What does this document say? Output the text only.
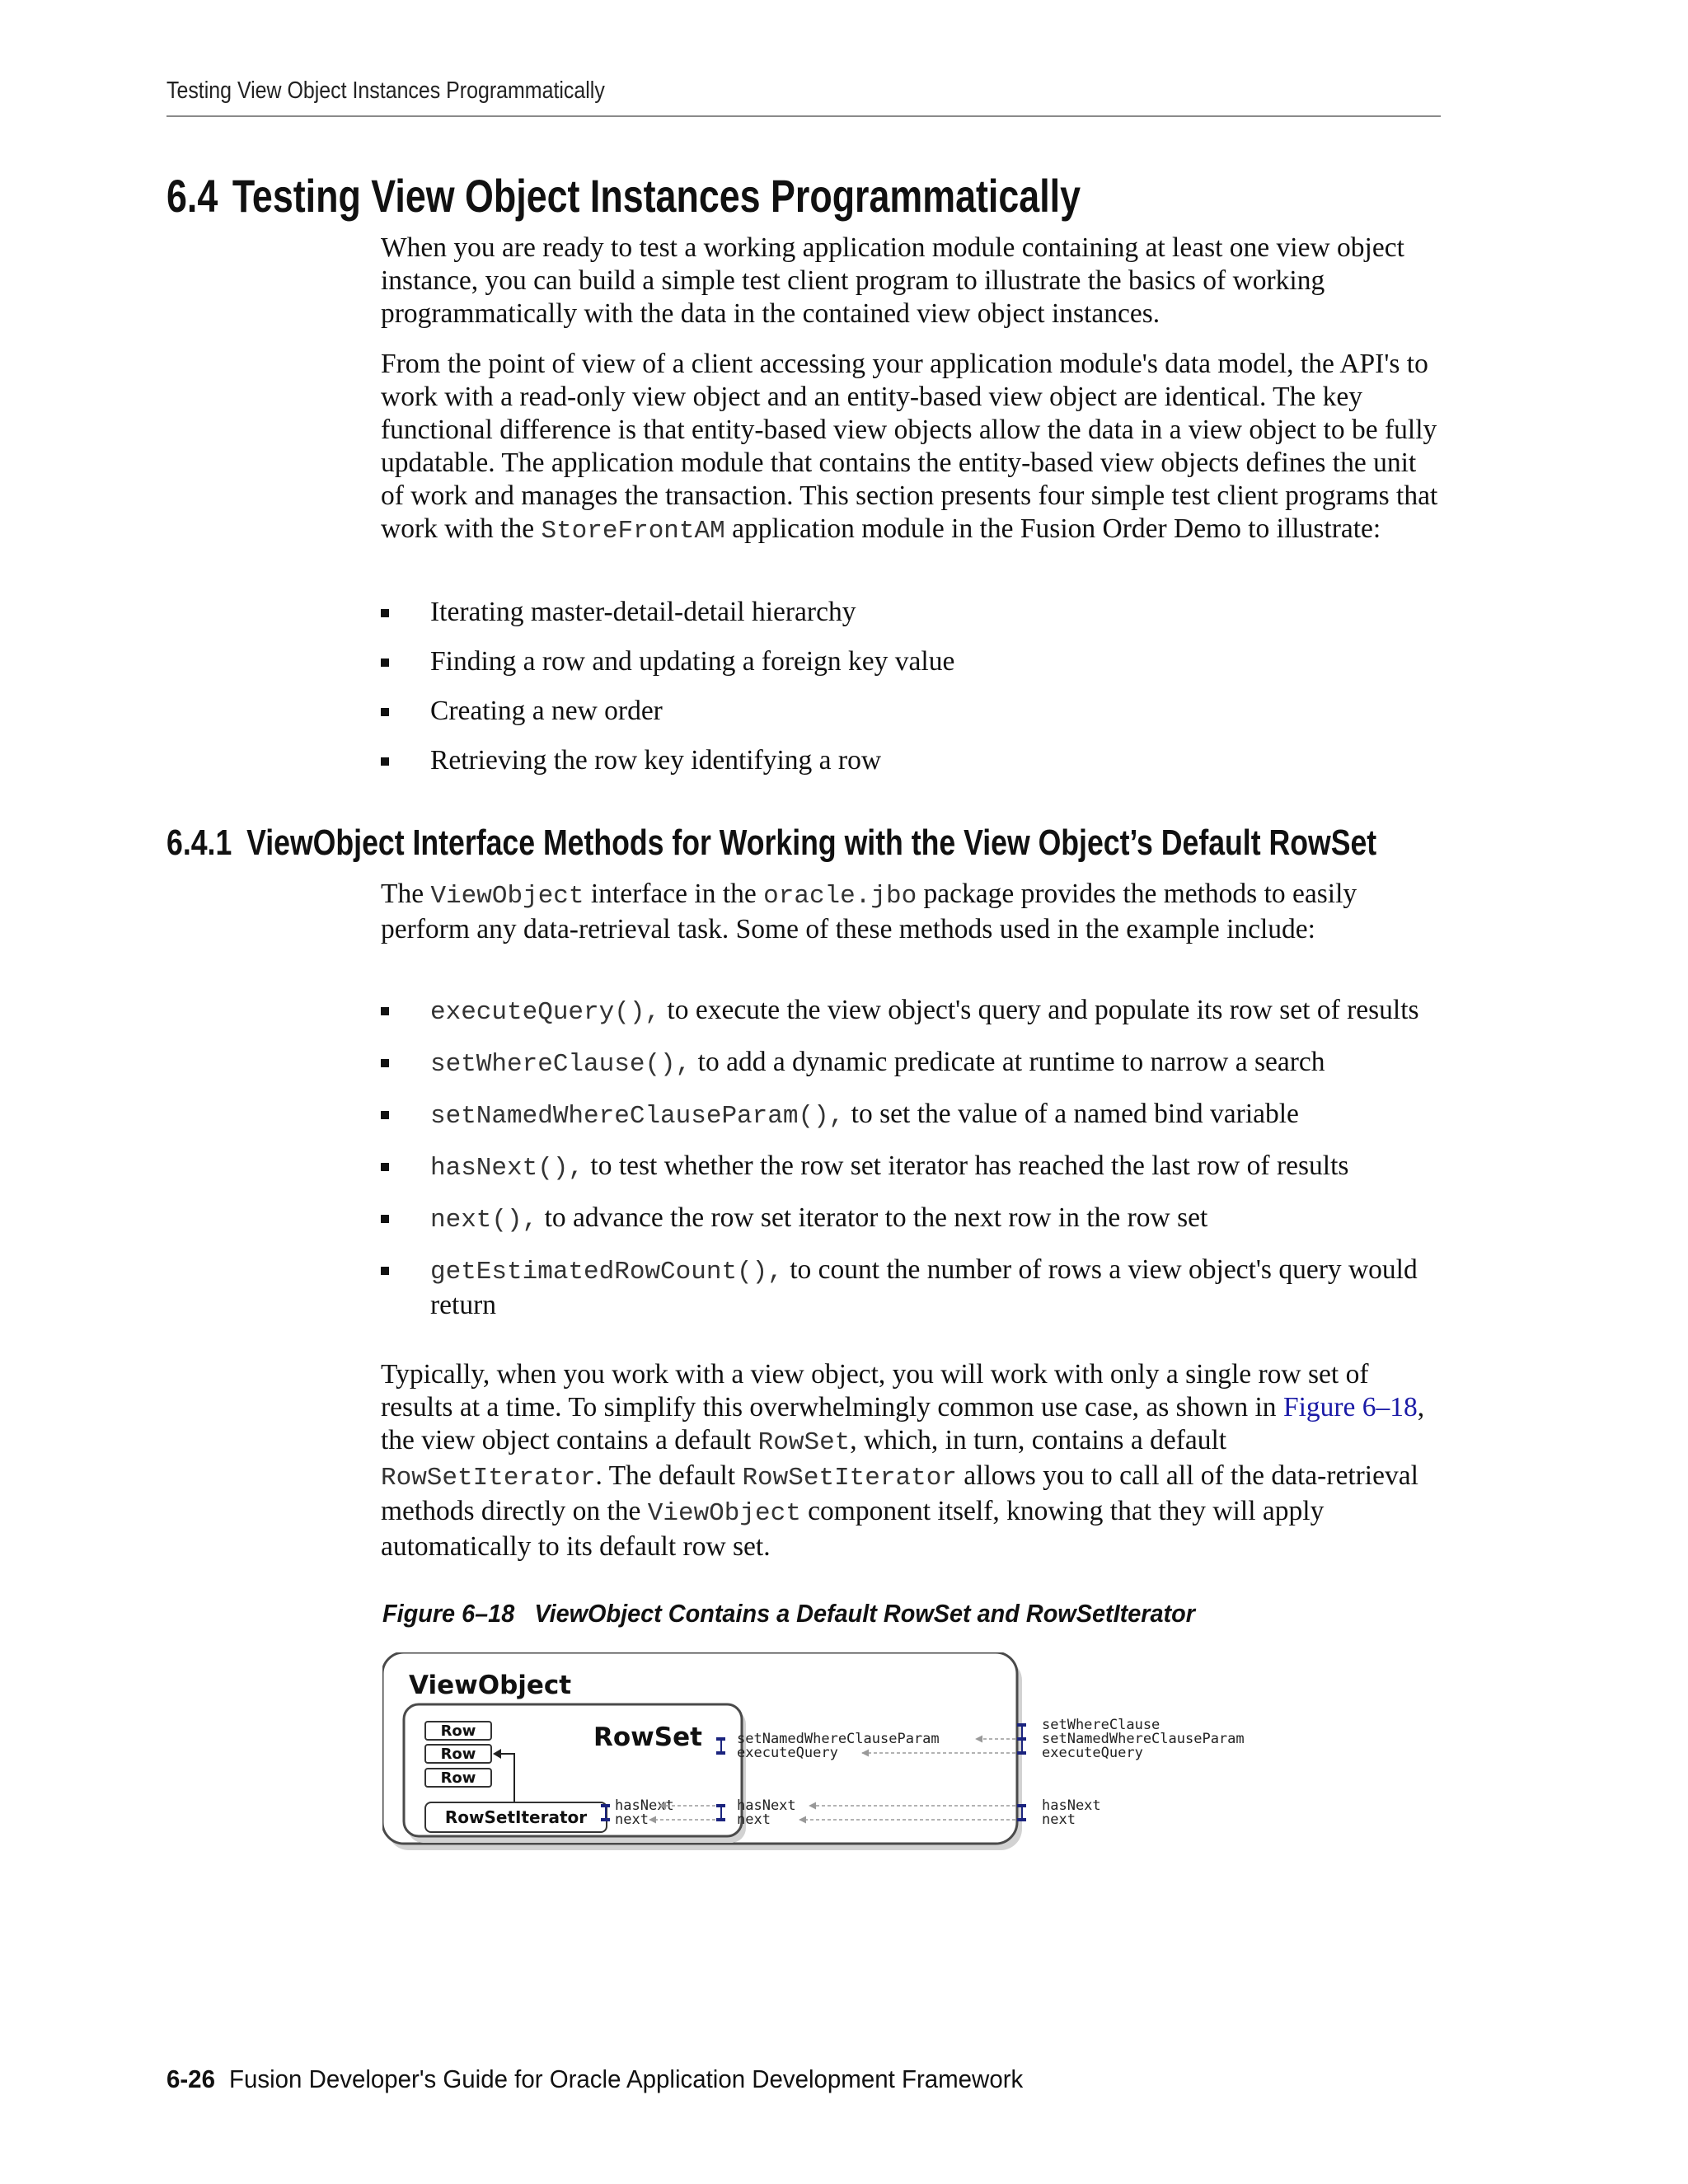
Testing View Object Instances Programmatically
6.4 Testing View Object Instances Programmatically

When you are ready to test a working application module containing at least one view object instance, you can build a simple test client program to illustrate the basics of working programmatically with the data in the contained view object instances.

From the point of view of a client accessing your application module's data model, the API's to work with a read-only view object and an entity-based view object are identical. The key functional difference is that entity-based view objects allow the data in a view object to be fully updatable. The application module that contains the entity-based view objects defines the unit of work and manages the transaction. This section presents four simple test client programs that work with the StoreFrontAM application module in the Fusion Order Demo to illustrate:

Iterating master-detail-detail hierarchy
Finding a row and updating a foreign key value
Creating a new order
Retrieving the row key identifying a row
6.4.1 ViewObject Interface Methods for Working with the View Object’s Default RowSet

The ViewObject interface in the oracle.jbo package provides the methods to easily perform any data-retrieval task. Some of these methods used in the example include:

executeQuery(), to execute the view object's query and populate its row set of results
setWhereClause(), to add a dynamic predicate at runtime to narrow a search
setNamedWhereClauseParam(), to set the value of a named bind variable
hasNext(), to test whether the row set iterator has reached the last row of results
next(), to advance the row set iterator to the next row in the row set
getEstimatedRowCount(), to count the number of rows a view object's query would return

Typically, when you work with a view object, you will work with only a single row set of results at a time. To simplify this overwhelmingly common use case, as shown in Figure 6–18, the view object contains a default RowSet, which, in turn, contains a default RowSetIterator. The default RowSetIterator allows you to call all of the data-retrieval methods directly on the ViewObject component itself, knowing that they will apply automatically to its default row set.

Figure 6–18 ViewObject Contains a Default RowSet and RowSetIterator
ViewObject
RowSet
Row
Row
Row
RowSetIterator
hasNext
next
setNamedWhereClauseParam
executeQuery
hasNext
next
setWhereClause
setNamedWhereClauseParam
executeQuery
hasNext
next
6-26 Fusion Developer's Guide for Oracle Application Development Framework
